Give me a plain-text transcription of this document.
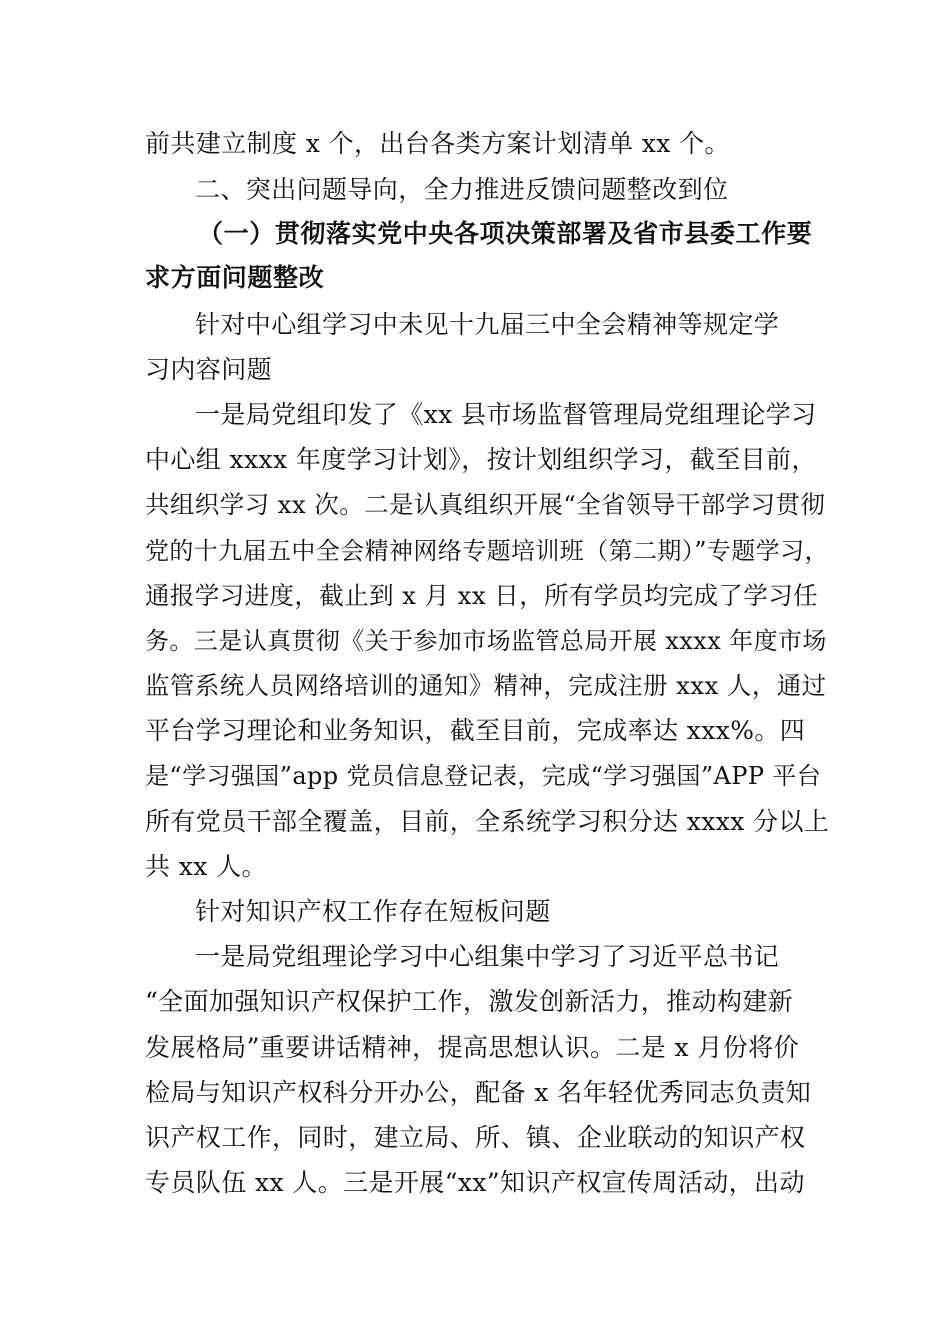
前共建立制度 x 个，出台各类方案计划清单 xx 个。
二、突出问题导向，全力推进反馈问题整改到位
（一）贯彻落实党中央各项决策部署及省市县委工作要
求方面问题整改
针对中心组学习中未见十九届三中全会精神等规定学
习内容问题
一是局党组印发了《xx 县市场监督管理局党组理论学习
中心组 xxxx 年度学习计划》，按计划组织学习，截至目前，
共组织学习 xx 次。二是认真组织开展“全省领导干部学习贯彻
党的十九届五中全会精神网络专题培训班（第二期）”专题学习，
通报学习进度，截止到 x 月 xx 日，所有学员均完成了学习任
务。三是认真贯彻《关于参加市场监管总局开展 xxxx 年度市场
监管系统人员网络培训的通知》精神，完成注册 xxx 人，通过
平台学习理论和业务知识，截至目前，完成率达 xxx%。四
是“学习强国”app 党员信息登记表，完成“学习强国”APP 平台
所有党员干部全覆盖，目前，全系统学习积分达 xxxx 分以上
共 xx 人。
针对知识产权工作存在短板问题
一是局党组理论学习中心组集中学习了习近平总书记
“全面加强知识产权保护工作，激发创新活力，推动构建新
发展格局”重要讲话精神，提高思想认识。二是 x 月份将价
检局与知识产权科分开办公，配备 x 名年轻优秀同志负责知
识产权工作，同时，建立局、所、镇、企业联动的知识产权
专员队伍 xx 人。三是开展“xx”知识产权宣传周活动，出动
